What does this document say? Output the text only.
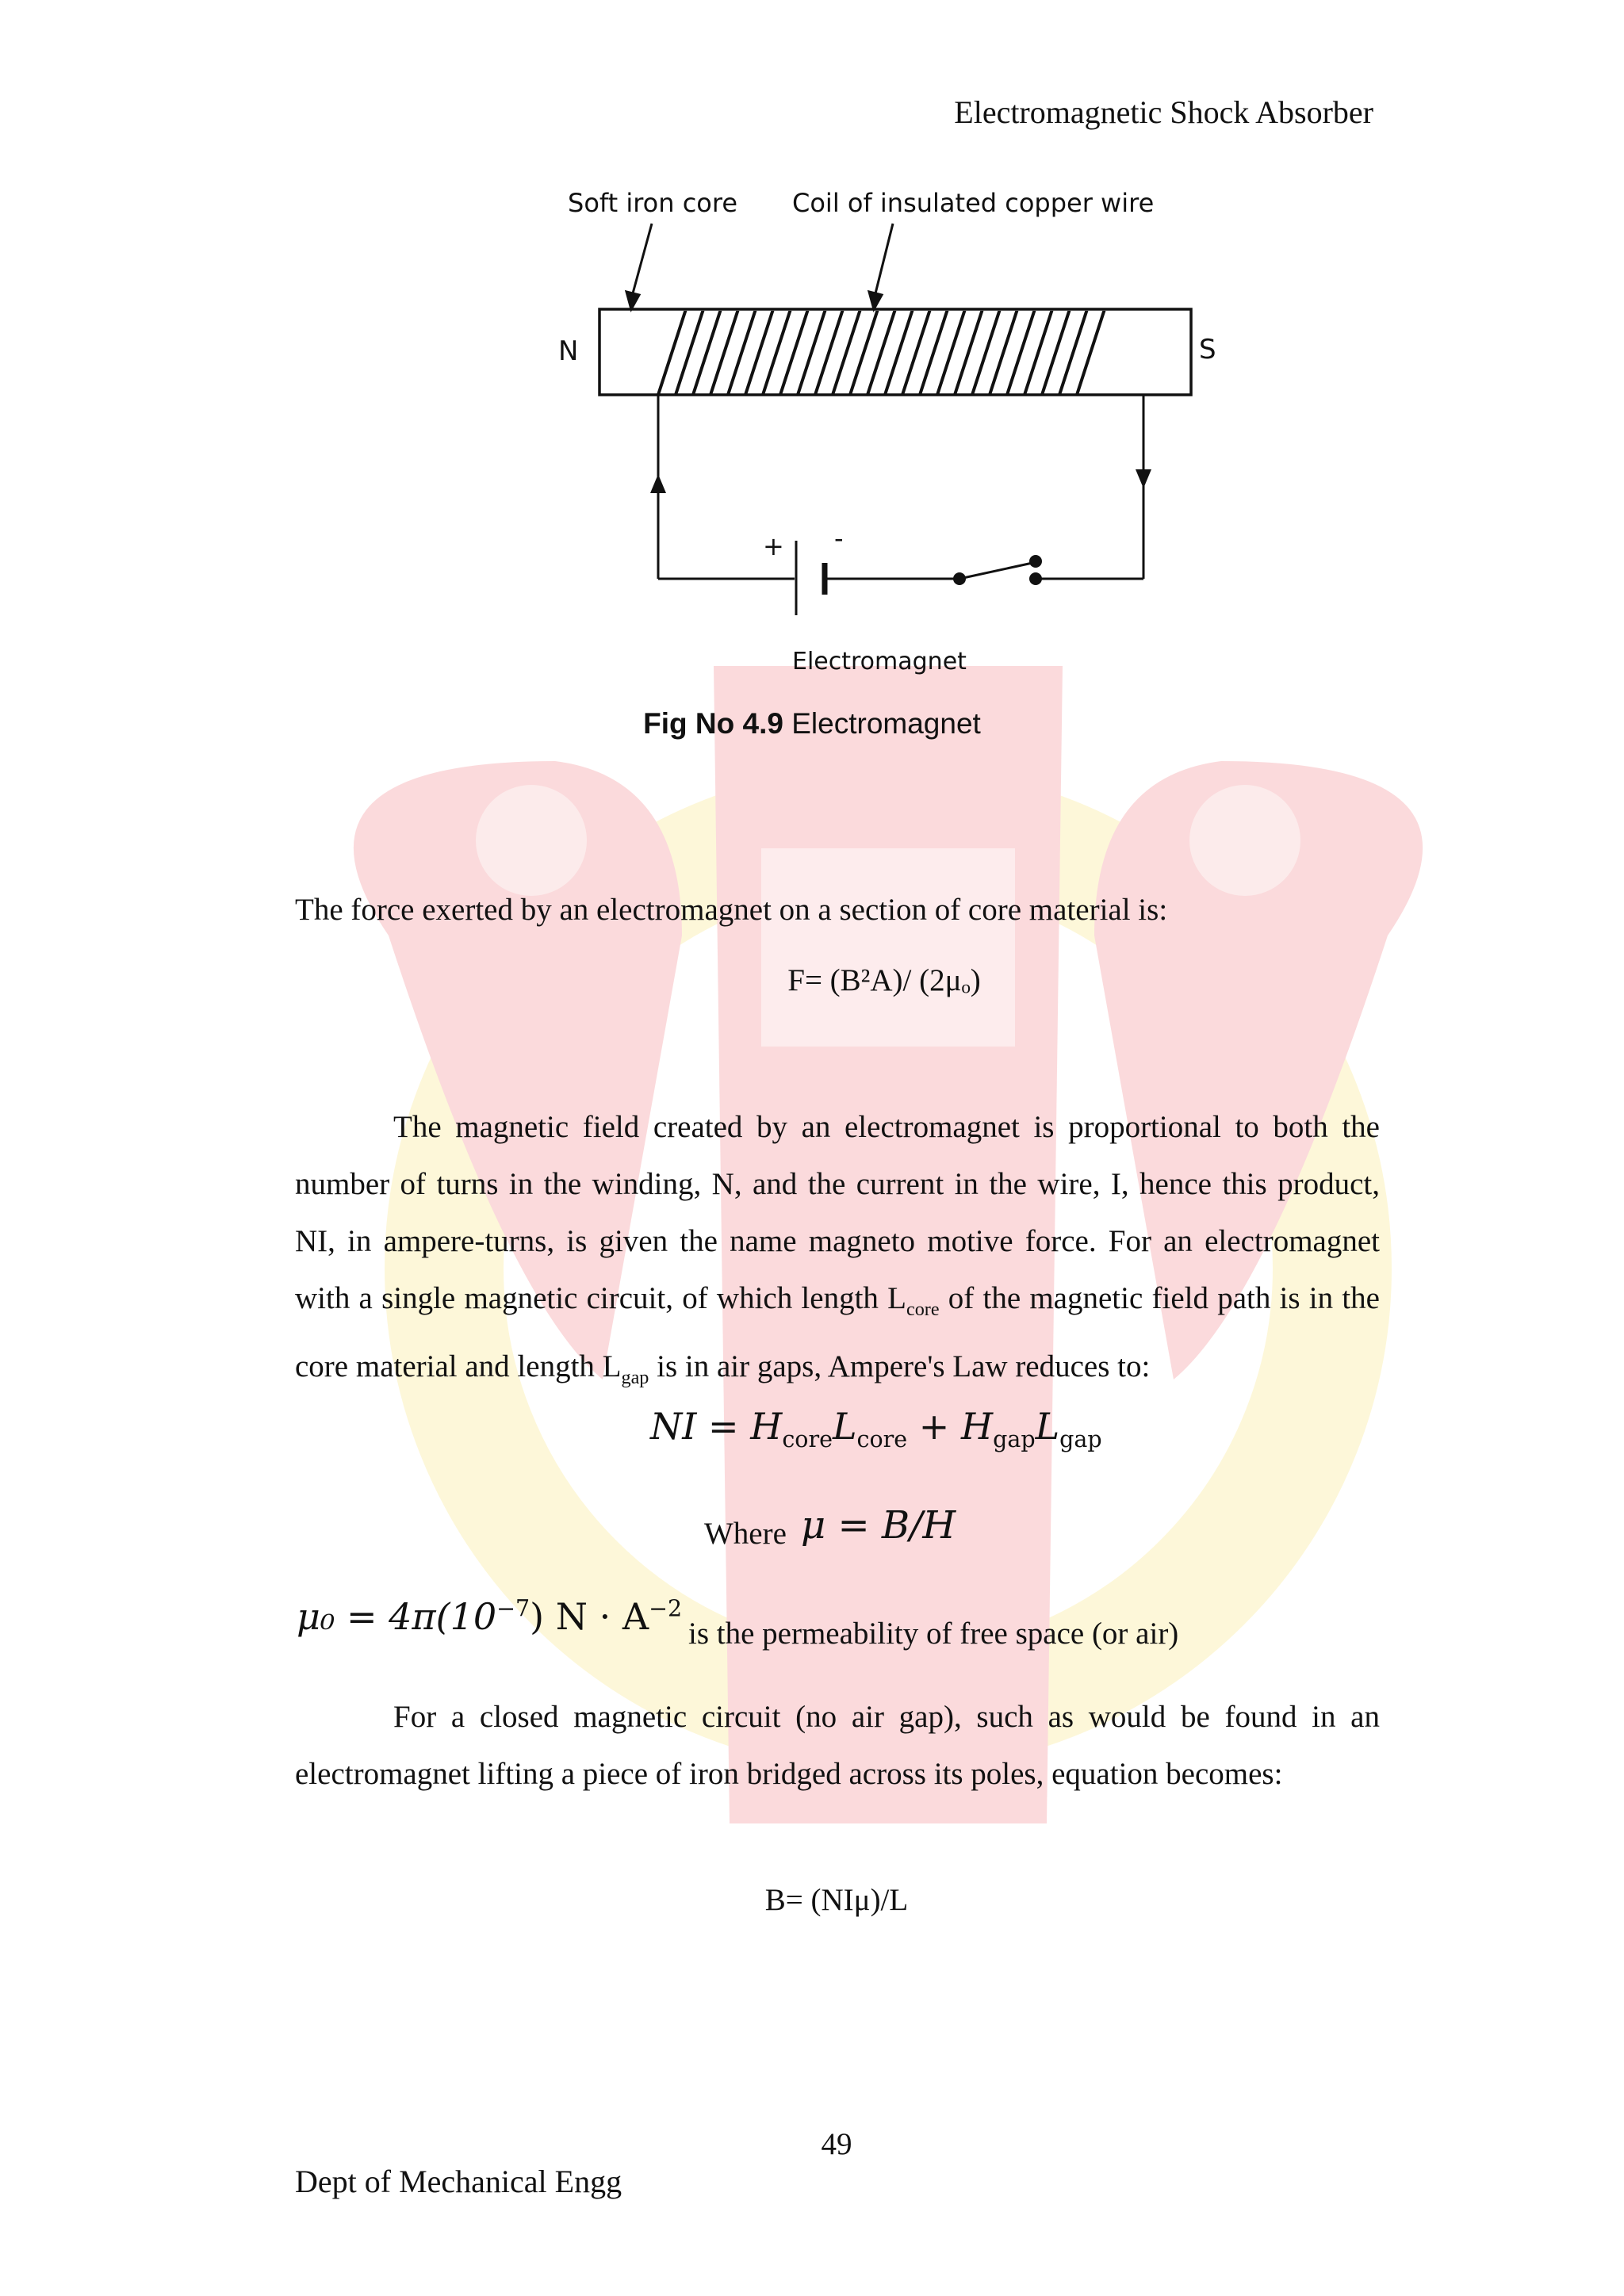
Electromagnetic Shock Absorber
Soft iron core Coil of insulated copper wire
N	S
+ -
Electromagnet
Fig No 4.9 Electromagnet
The force exerted by an electromagnet on a section of core material is:
F= (B²A)/ (2μₒ)
The magnetic field created by an electromagnet is proportional to both the number of turns in the winding, N, and the current in the wire, I, hence this product, NI, in ampere-turns, is given the name magneto motive force. For an electromagnet with a single magnetic circuit, of which length $L_{core}$ of the magnetic field path is in the core material and length $L_{gap}$ is in air gaps, Ampere's Law reduces to:
NI = $H_{core}L_{core} + H_{gap}L_{gap}$
Where μ = B/H
$\mu_0 = 4\pi(10^{-7}) N \cdot A^{-2}$
is the permeability of free space (or air)
For a closed magnetic circuit (no air gap), such as would be found in an electromagnet lifting a piece of iron bridged across its poles, equation becomes:
B= (NIμ)/L
49
Dept of Mechanical Engg
